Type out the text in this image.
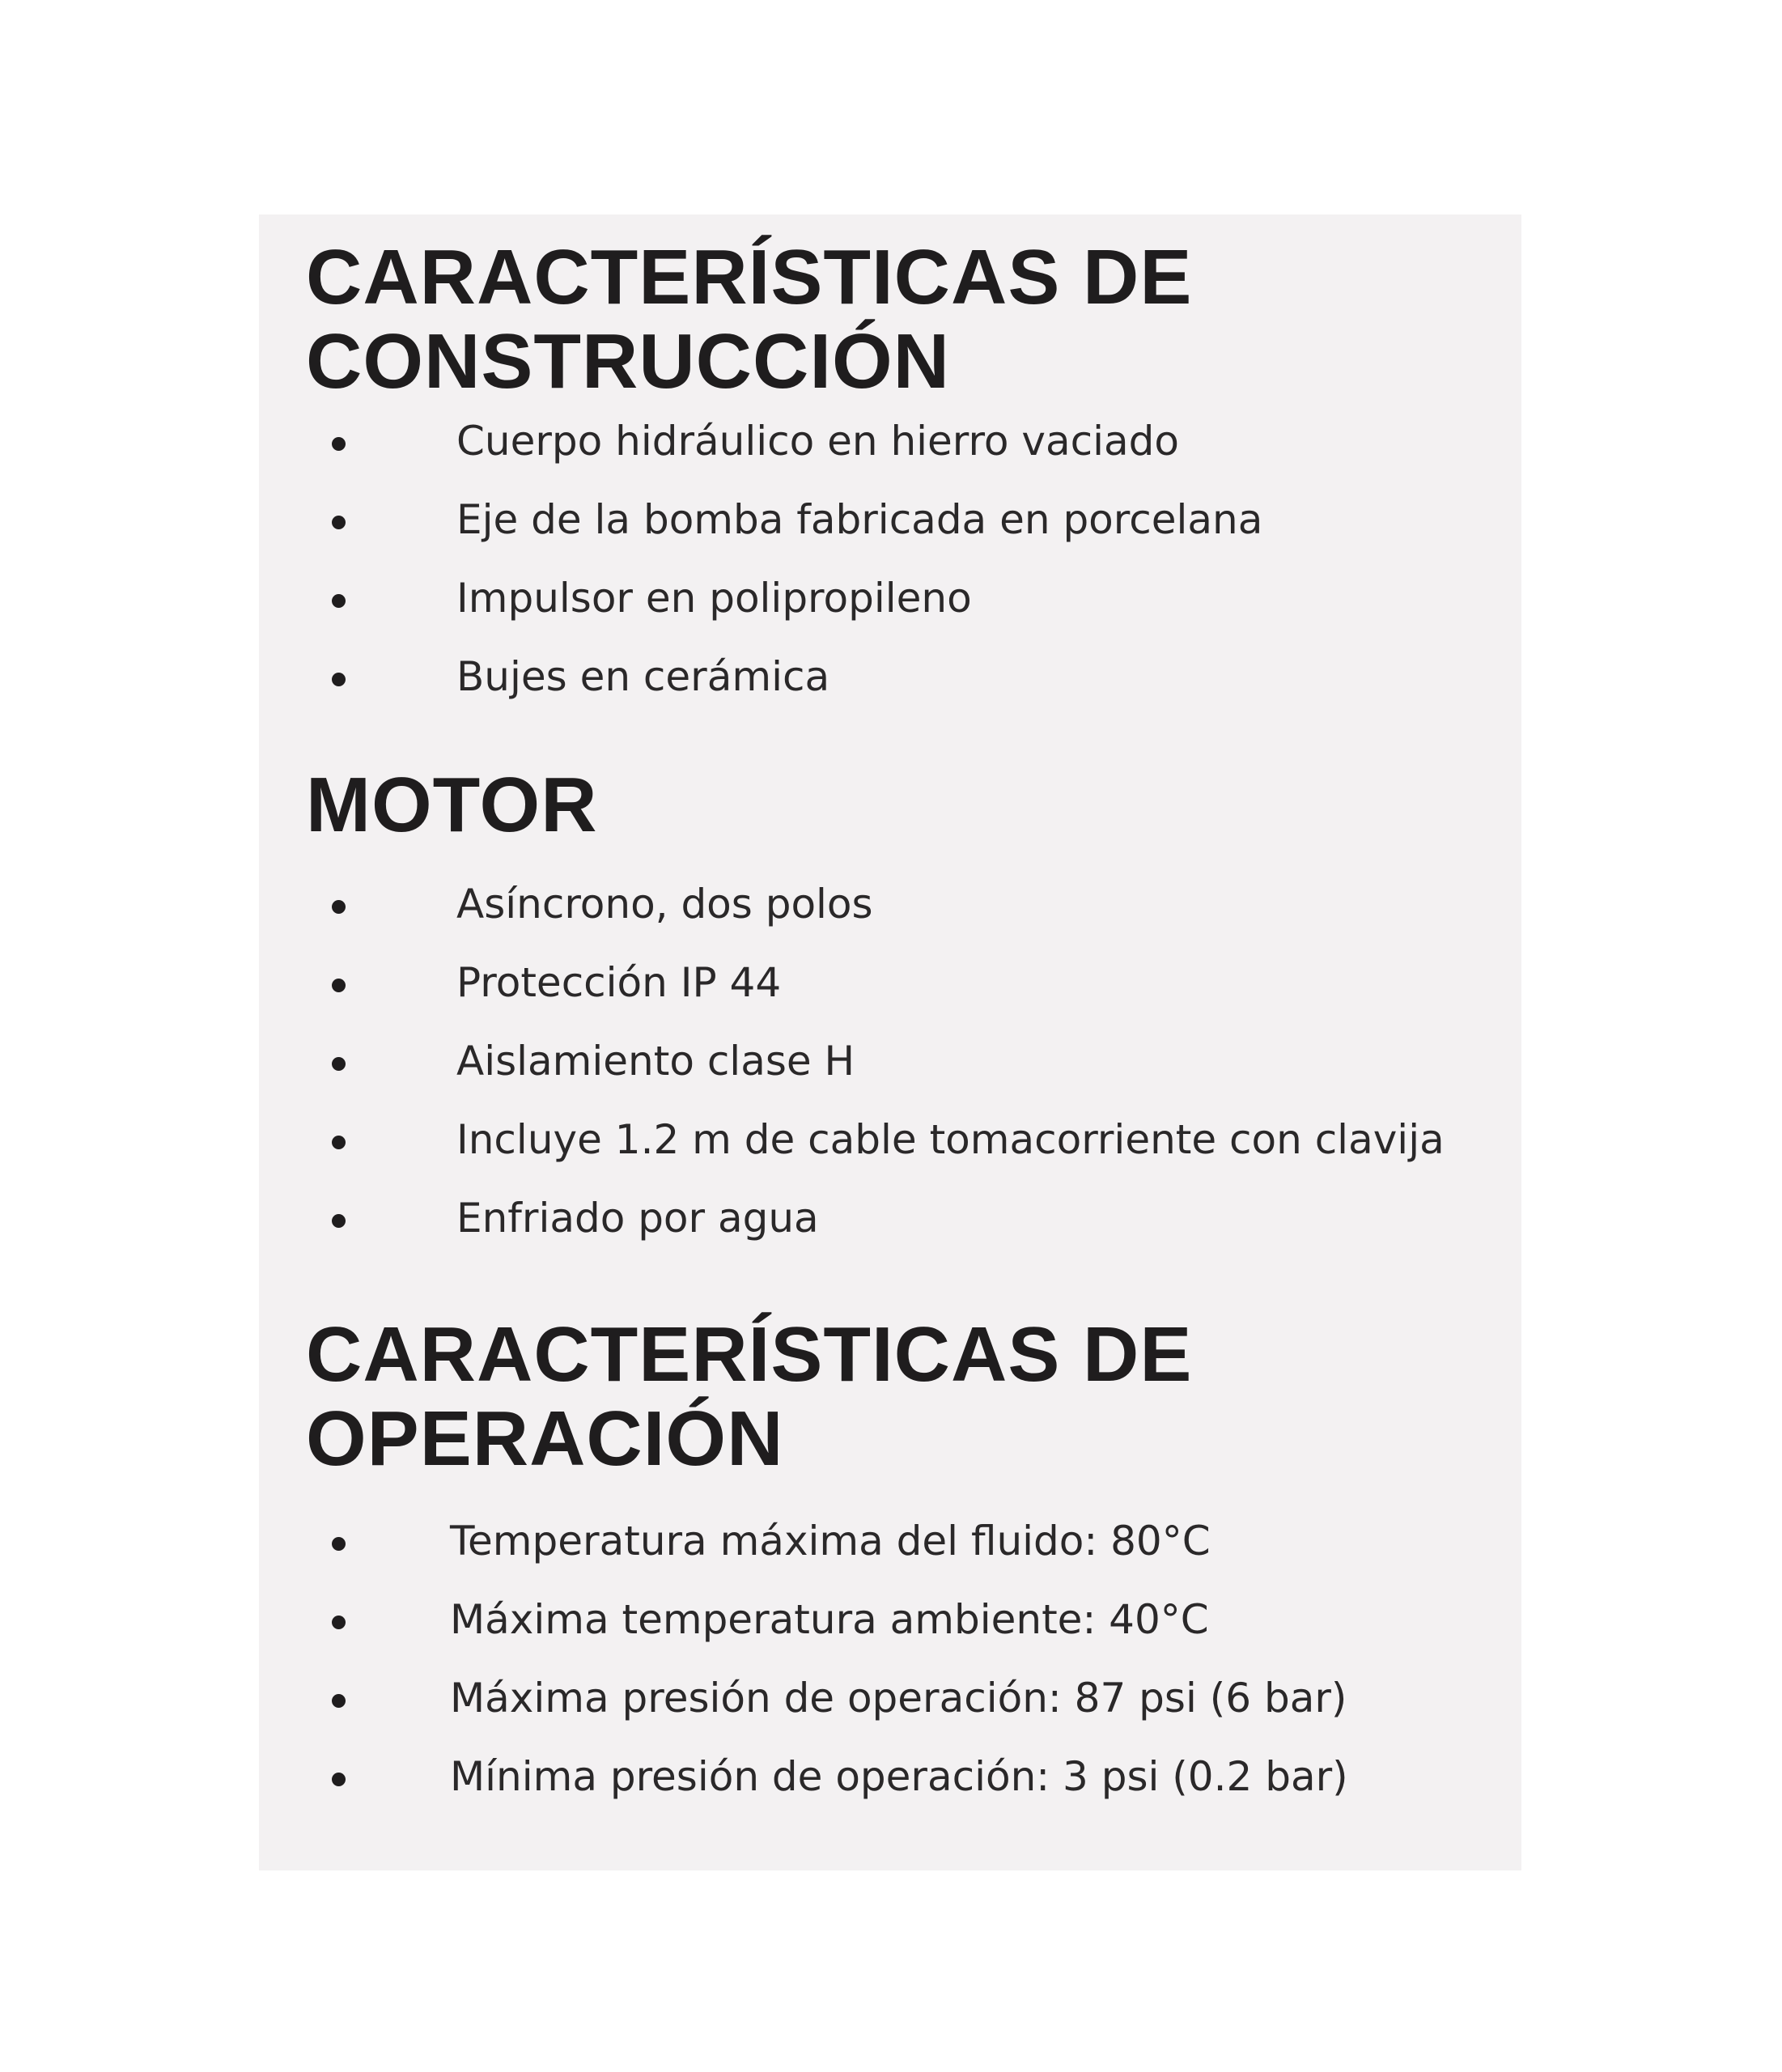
CARACTERÍSTICAS DE
CONSTRUCCIÓN
Cuerpo hidráulico en hierro vaciado
Eje de la bomba fabricada en porcelana
Impulsor en polipropileno
Bujes en cerámica
MOTOR
Asíncrono, dos polos
Protección IP 44
Aislamiento clase H
Incluye 1.2 m de cable tomacorriente con clavija
Enfriado por agua
CARACTERÍSTICAS DE
OPERACIÓN
Temperatura máxima del fluido: 80°C
Máxima temperatura ambiente: 40°C
Máxima presión de operación: 87 psi (6 bar)
Mínima presión de operación: 3 psi (0.2 bar)
